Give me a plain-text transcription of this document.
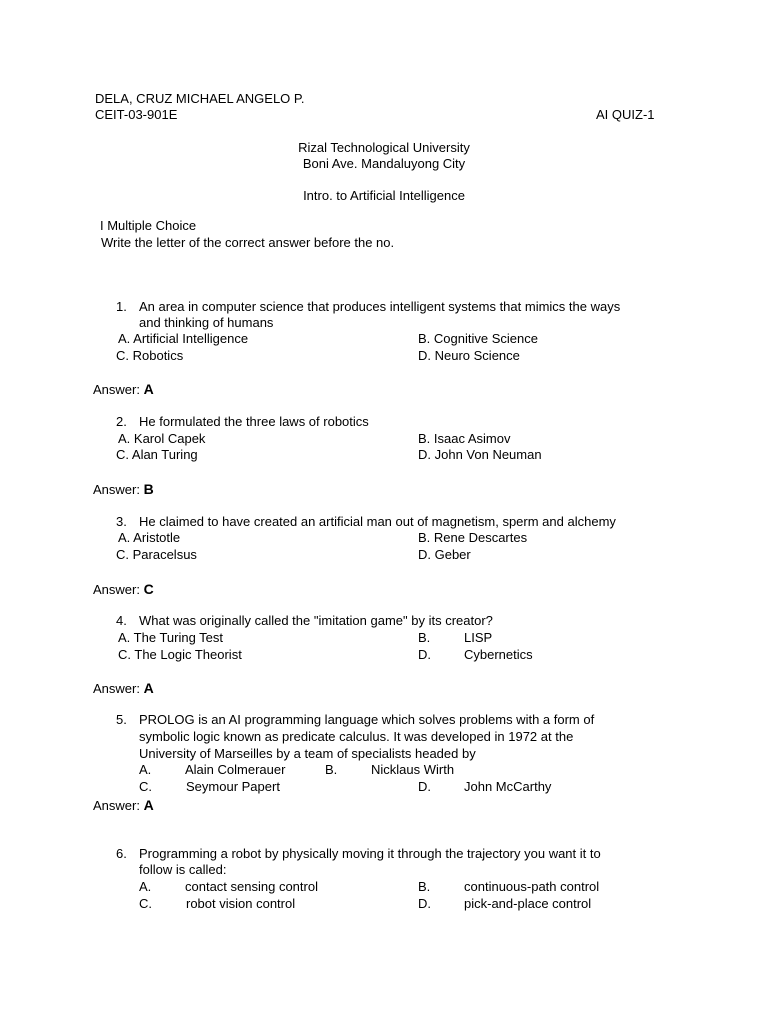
DELA, CRUZ MICHAEL ANGELO P.
CEIT-03-901E	AI QUIZ-1
Rizal Technological University
Boni Ave. Mandaluyong City
Intro. to Artificial Intelligence
I Multiple Choice
Write the letter of the correct answer before the no.
1. An area in computer science that produces intelligent systems that mimics the ways
and thinking of humans
A. Artificial Intelligence	B. Cognitive Science
C. Robotics	D. Neuro Science
Answer: A
2. He formulated the three laws of robotics
A. Karol Capek	B. Isaac Asimov
C. Alan Turing	D. John Von Neuman
Answer: B
3. He claimed to have created an artificial man out of magnetism, sperm and alchemy
A. Aristotle	B. Rene Descartes
C. Paracelsus	D. Geber
Answer: C
4. What was originally called the "imitation game" by its creator?
A. The Turing Test	B.	LISP
C. The Logic Theorist	D.	Cybernetics
Answer: A
5. PROLOG is an AI programming language which solves problems with a form of
symbolic logic known as predicate calculus. It was developed in 1972 at the
University of Marseilles by a team of specialists headed by
A.	Alain Colmerauer	B.	Nicklaus Wirth
C.	Seymour Papert	D.	John McCarthy
Answer: A
6. Programming a robot by physically moving it through the trajectory you want it to
follow is called:
A.	contact sensing control	B.	continuous-path control
C.	robot vision control	D.	pick-and-place control
